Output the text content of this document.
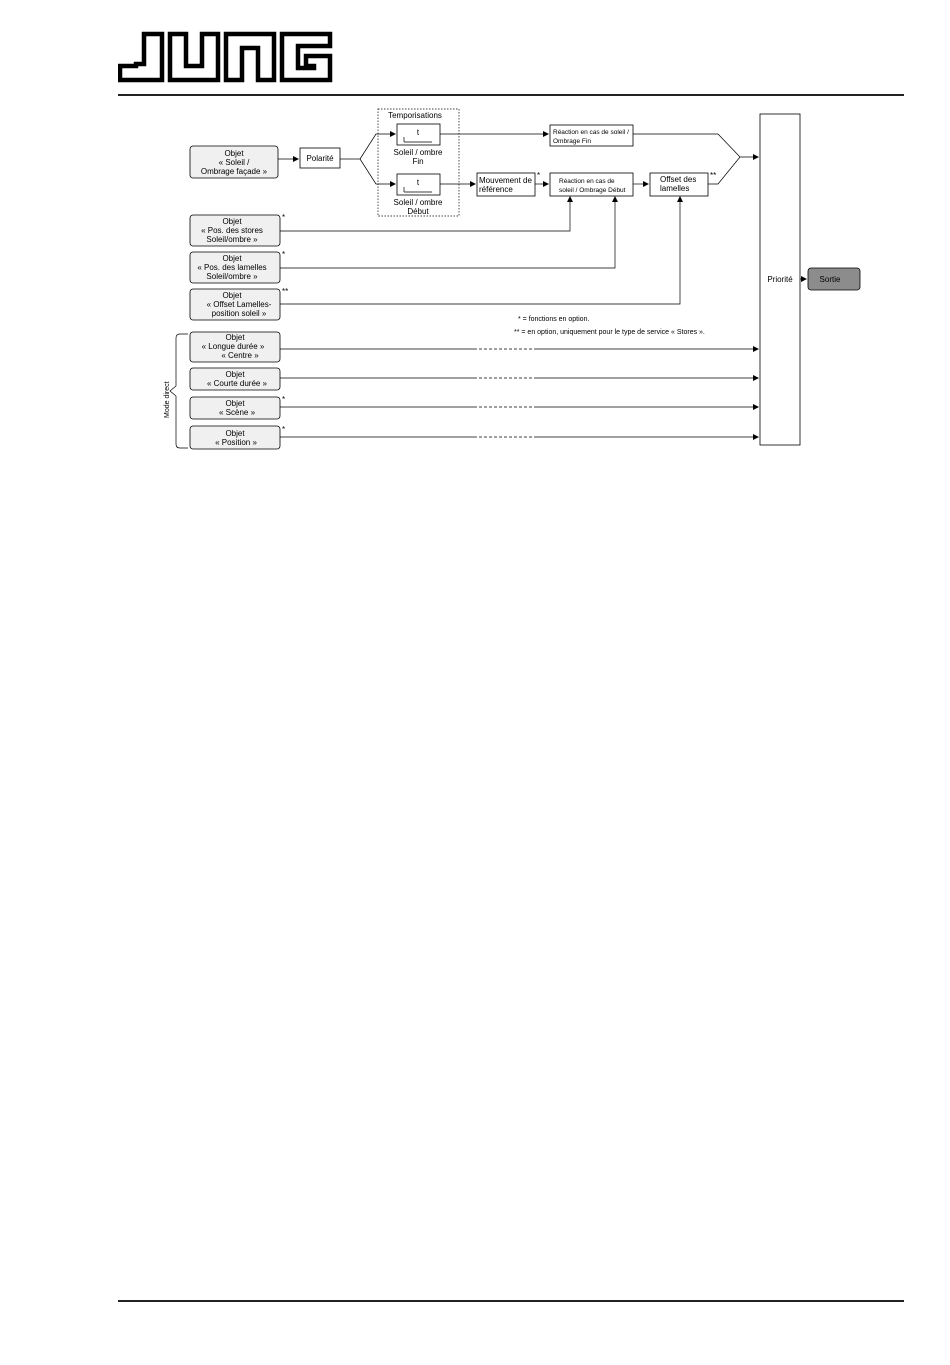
Objet
« Soleil /
Ombrage façade »
Polarité
Temporisations
t
Soleil / ombre
Fin
t
Soleil / ombre
Début
Réaction en cas de soleil /
Ombrage Fin
Mouvement de
référence
*
Réaction en cas de
soleil / Ombrage Début
Offset des
lamelles
**
Objet
« Pos. des stores
Soleil/ombre »
*
Objet
« Pos. des lamelles
Soleil/ombre »
*
Objet
« Offset Lamelles-
position soleil »
**
* = fonctions en option.
** = en option, uniquement pour le type de service « Stores ».
Objet
« Longue durée »
« Centre »
Objet
« Courte durée »
Objet
« Scène »
*
Objet
« Position »
*
Mode direct
Priorité	Sortie
